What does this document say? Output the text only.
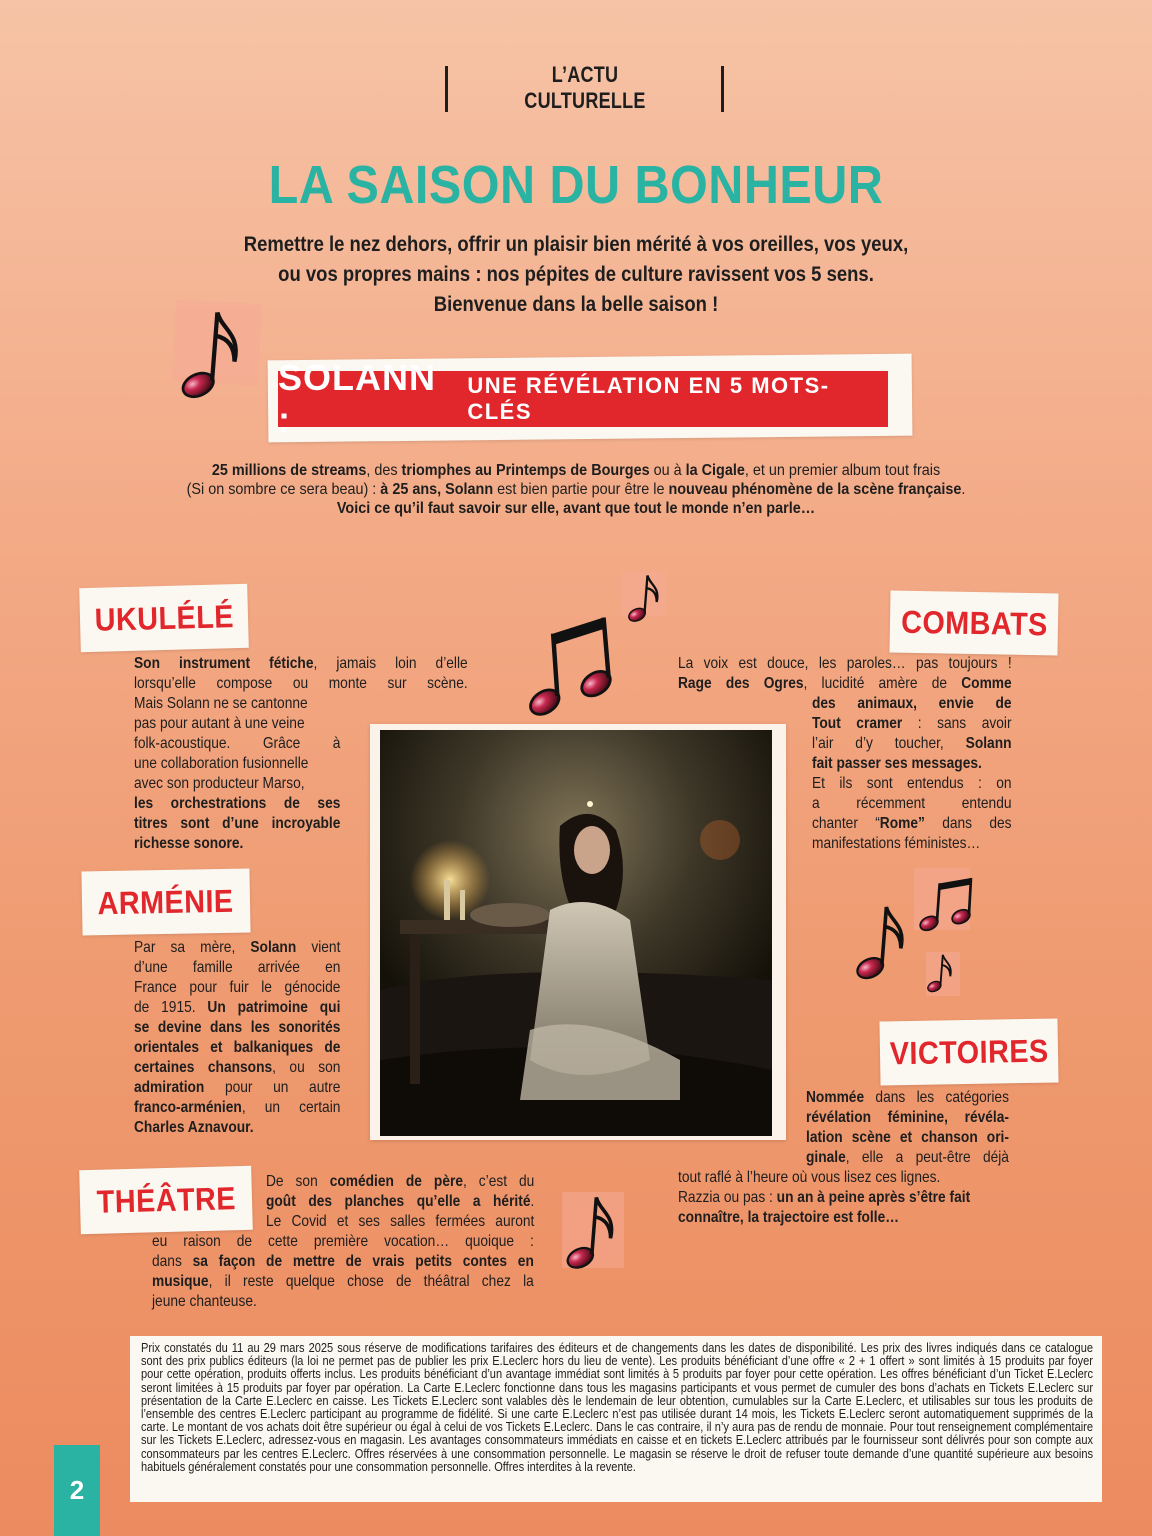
L’ACTU
CULTURELLE
LA SAISON DU BONHEUR
Remettre le nez dehors, offrir un plaisir bien mérité à vos oreilles, vos yeux,
ou vos propres mains : nos pépites de culture ravissent vos 5 sens.
Bienvenue dans la belle saison !
SOLANN :
UNE RÉVÉLATION EN 5 MOTS-CLÉS
25 millions de streams, des triomphes au Printemps de Bourges ou à la Cigale, et un premier album tout frais
(Si on sombre ce sera beau) : à 25 ans, Solann est bien partie pour être le nouveau phénomène de la scène française.
Voici ce qu’il faut savoir sur elle, avant que tout le monde n’en parle…
UKULÉLÉ
ARMÉNIE
THÉÂTRE
COMBATS
VICTOIRES
Son instrument fétiche, jamais loin d’elle
lorsqu’elle compose ou monte sur scène.
Mais Solann ne se cantonne
pas pour autant à une veine
folk-acoustique. Grâce à
une collaboration fusionnelle
avec son producteur Marso,
les orchestrations de ses
titres sont d’une incroyable
richesse sonore.
Par sa mère, Solann vient
d’une famille arrivée en
France pour fuir le génocide
de 1915. Un patrimoine qui
se devine dans les sonorités
orientales et balkaniques de
certaines chansons, ou son
admiration pour un autre
franco-arménien, un certain
Charles Aznavour.
De son comédien de père, c’est du
goût des planches qu’elle a hérité.
Le Covid et ses salles fermées auront
eu raison de cette première vocation… quoique :
dans sa façon de mettre de vrais petits contes en
musique, il reste quelque chose de théâtral chez la
jeune chanteuse.
La voix est douce, les paroles… pas toujours !
Rage des Ogres, lucidité amère de Comme
des animaux, envie de
Tout cramer : sans avoir
l’air d’y toucher, Solann
fait passer ses messages.
Et ils sont entendus : on
a récemment entendu
chanter “Rome” dans des
manifestations féministes…
Nommée dans les catégories
révélation féminine, révéla-
lation scène et chanson ori-
ginale, elle a peut-être déjà
tout raflé à l’heure où vous lisez ces lignes.
Razzia ou pas : un an à peine après s’être fait
connaître, la trajectoire est folle…
Prix constatés du 11 au 29 mars 2025 sous réserve de modifications tarifaires des éditeurs et de changements dans les dates de disponibilité. Les prix des livres indiqués dans ce catalogue
sont des prix publics éditeurs (la loi ne permet pas de publier les prix E.Leclerc hors du lieu de vente). Les produits bénéficiant d’une offre « 2 + 1 offert » sont limités à 15 produits par foyer
pour cette opération, produits offerts inclus. Les produits bénéficiant d’un avantage immédiat sont limités à 5 produits par foyer pour cette opération. Les offres bénéficiant d’un Ticket E.Leclerc
seront limitées à 15 produits par foyer par opération. La Carte E.Leclerc fonctionne dans tous les magasins participants et vous permet de cumuler des bons d’achats en Tickets E.Leclerc sur
présentation de la Carte E.Leclerc en caisse. Les Tickets E.Leclerc sont valables dès le lendemain de leur obtention, cumulables sur la Carte E.Leclerc, et utilisables sur tous les produits de
l’ensemble des centres E.Leclerc participant au programme de fidélité. Si une carte E.Leclerc n’est pas utilisée durant 14 mois, les Tickets E.Leclerc seront automatiquement supprimés de la
carte. Le montant de vos achats doit être supérieur ou égal à celui de vos Tickets E.Leclerc. Dans le cas contraire, il n’y aura pas de rendu de monnaie. Pour tout renseignement complémentaire
sur les Tickets E.Leclerc, adressez-vous en magasin. Les avantages consommateurs immédiats en caisse et en tickets E.Leclerc attribués par le fournisseur sont délivrés pour son compte aux
consommateurs par les centres E.Leclerc. Offres réservées à une consommation personnelle. Le magasin se réserve le droit de refuser toute demande d’une quantité supérieure aux besoins
habituels généralement constatés pour une consommation personnelle. Offres interdites à la revente.
2
